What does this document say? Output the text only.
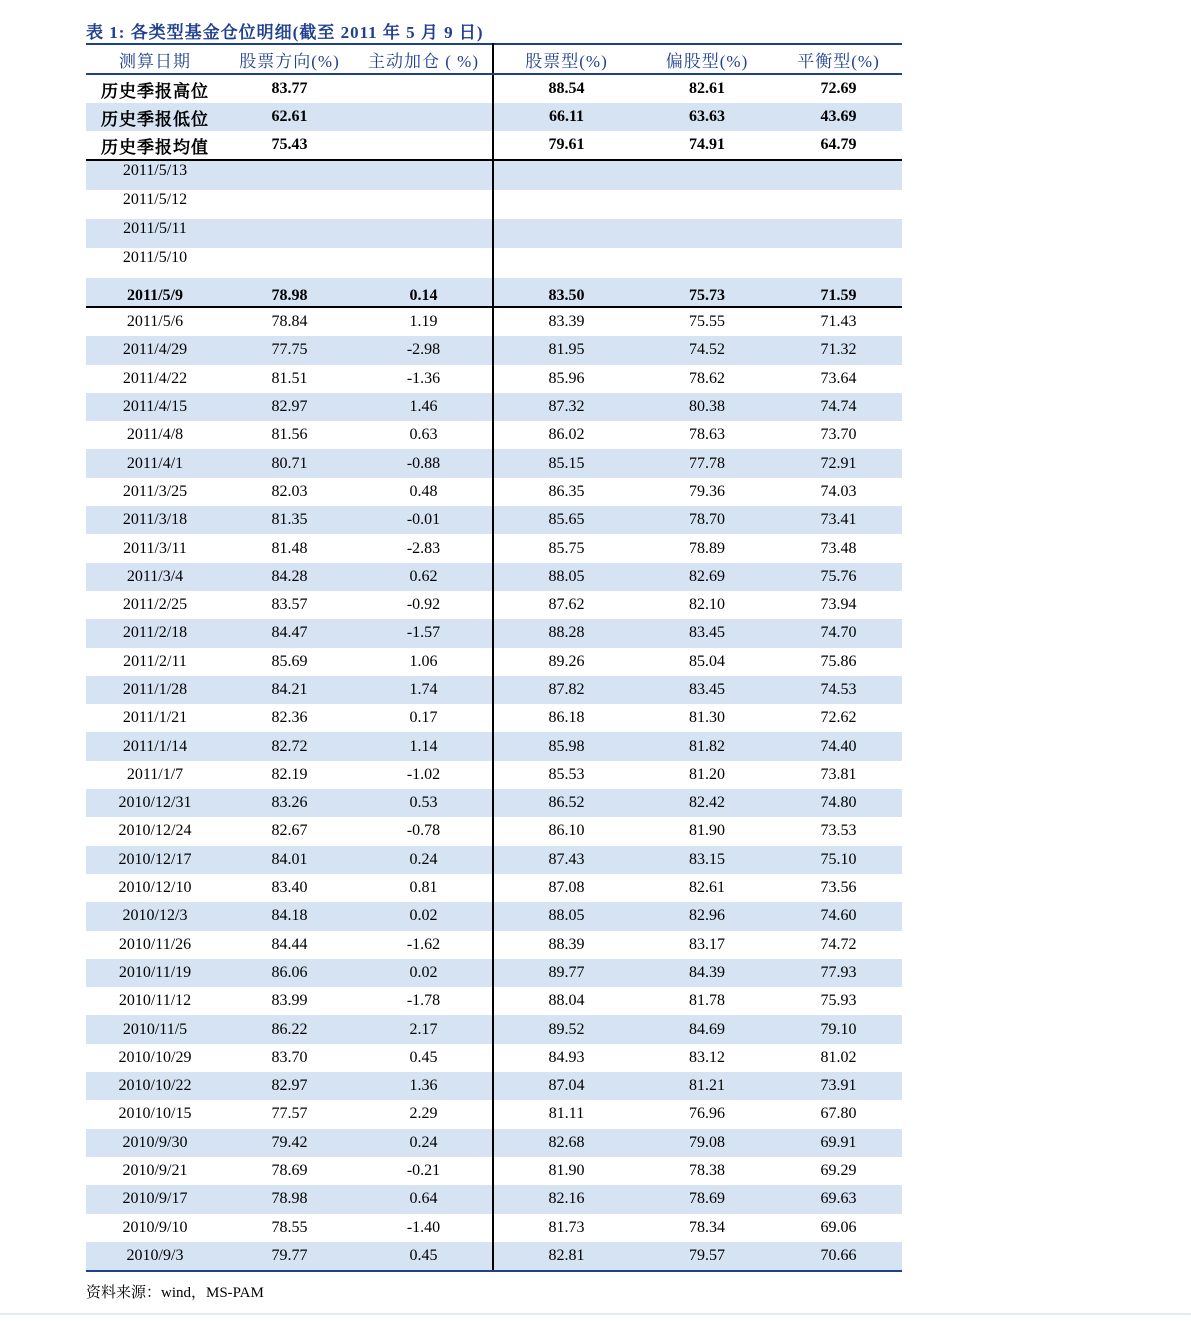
表 1: 各类型基金仓位明细(截至 2011 年 5 月 9 日)
测算日期	股票方向(%)	主动加仓 ( %)	股票型(%)	偏股型(%)	平衡型(%)
历史季报高位	83.77		88.54	82.61	72.69
历史季报低位	62.61		66.11	63.63	43.69
历史季报均值	75.43		79.61	74.91	64.79
2011/5/13					
2011/5/12					
2011/5/11					
2011/5/10					
2011/5/9	78.98	0.14	83.50	75.73	71.59
2011/5/6	78.84	1.19	83.39	75.55	71.43
2011/4/29	77.75	-2.98	81.95	74.52	71.32
2011/4/22	81.51	-1.36	85.96	78.62	73.64
2011/4/15	82.97	1.46	87.32	80.38	74.74
2011/4/8	81.56	0.63	86.02	78.63	73.70
2011/4/1	80.71	-0.88	85.15	77.78	72.91
2011/3/25	82.03	0.48	86.35	79.36	74.03
2011/3/18	81.35	-0.01	85.65	78.70	73.41
2011/3/11	81.48	-2.83	85.75	78.89	73.48
2011/3/4	84.28	0.62	88.05	82.69	75.76
2011/2/25	83.57	-0.92	87.62	82.10	73.94
2011/2/18	84.47	-1.57	88.28	83.45	74.70
2011/2/11	85.69	1.06	89.26	85.04	75.86
2011/1/28	84.21	1.74	87.82	83.45	74.53
2011/1/21	82.36	0.17	86.18	81.30	72.62
2011/1/14	82.72	1.14	85.98	81.82	74.40
2011/1/7	82.19	-1.02	85.53	81.20	73.81
2010/12/31	83.26	0.53	86.52	82.42	74.80
2010/12/24	82.67	-0.78	86.10	81.90	73.53
2010/12/17	84.01	0.24	87.43	83.15	75.10
2010/12/10	83.40	0.81	87.08	82.61	73.56
2010/12/3	84.18	0.02	88.05	82.96	74.60
2010/11/26	84.44	-1.62	88.39	83.17	74.72
2010/11/19	86.06	0.02	89.77	84.39	77.93
2010/11/12	83.99	-1.78	88.04	81.78	75.93
2010/11/5	86.22	2.17	89.52	84.69	79.10
2010/10/29	83.70	0.45	84.93	83.12	81.02
2010/10/22	82.97	1.36	87.04	81.21	73.91
2010/10/15	77.57	2.29	81.11	76.96	67.80
2010/9/30	79.42	0.24	82.68	79.08	69.91
2010/9/21	78.69	-0.21	81.90	78.38	69.29
2010/9/17	78.98	0.64	82.16	78.69	69.63
2010/9/10	78.55	-1.40	81.73	78.34	69.06
2010/9/3	79.77	0.45	82.81	79.57	70.66
资料来源：wind，MS-PAM
